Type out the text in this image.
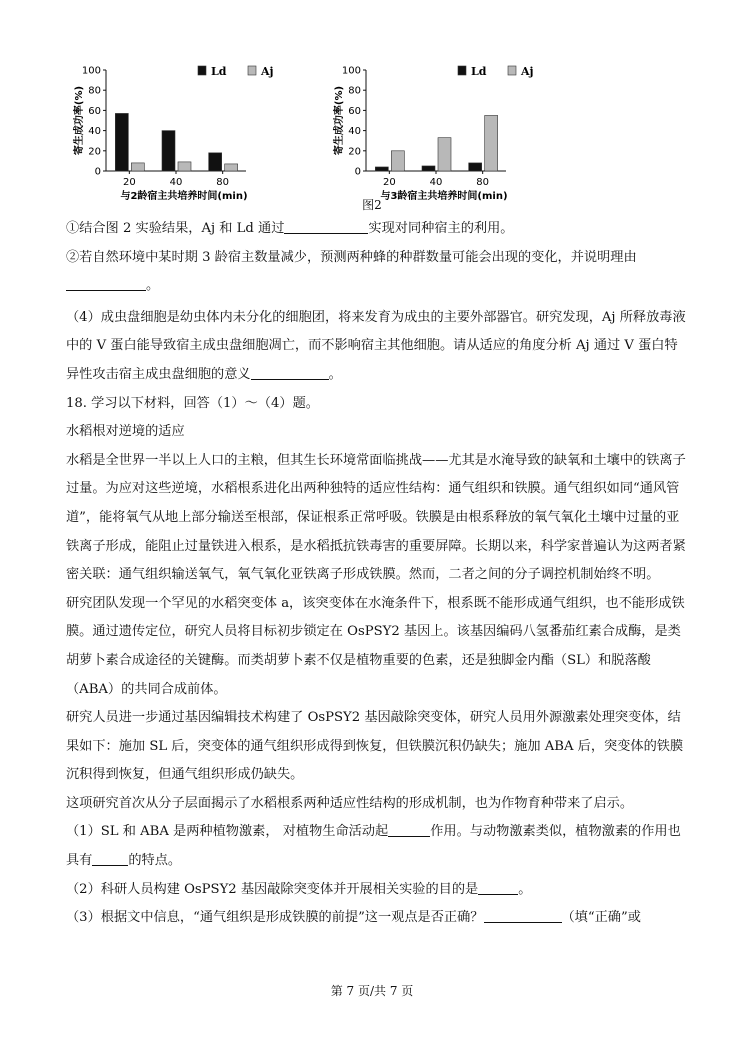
寄生成功率(%)
0
20
40
60
80
100
20	40	80
与2龄宿主共培养时间(min)
Ld	Aj
寄生成功率(%)
0
20
40
60
80
100
20	40	80
与3龄宿主共培养时间(min)
Ld	Aj
图2

①结合图 2 实验结果，Aj 和 Ld 通过	实现对同种宿主的利用。

②若自然环境中某时期 3 龄宿主数量减少，预测两种蜂的种群数量可能会出现的变化，并说明理由
。

（4）成虫盘细胞是幼虫体内未分化的细胞团，将来发育为成虫的主要外部器官。研究发现，Aj 所释放毒液中的 V 蛋白能导致宿主成虫盘细胞凋亡，而不影响宿主其他细胞。请从适应的角度分析 Aj 通过 V 蛋白特异性攻击宿主成虫盘细胞的意义	。

18. 学习以下材料，回答（1）～（4）题。

水稻根对逆境的适应

水稻是全世界一半以上人口的主粮，但其生长环境常面临挑战——尤其是水淹导致的缺氧和土壤中的铁离子过量。为应对这些逆境，水稻根系进化出两种独特的适应性结构：通气组织和铁膜。通气组织如同“通风管道”，能将氧气从地上部分输送至根部，保证根系正常呼吸。铁膜是由根系释放的氧气氧化土壤中过量的亚铁离子形成，能阻止过量铁进入根系，是水稻抵抗铁毒害的重要屏障。长期以来，科学家普遍认为这两者紧密关联：通气组织输送氧气，氧气氧化亚铁离子形成铁膜。然而，二者之间的分子调控机制始终不明。

研究团队发现一个罕见的水稻突变体 a，该突变体在水淹条件下，根系既不能形成通气组织，也不能形成铁膜。通过遗传定位，研究人员将目标初步锁定在 OsPSY2 基因上。该基因编码八氢番茄红素合成酶，是类胡萝卜素合成途径的关键酶。而类胡萝卜素不仅是植物重要的色素，还是独脚金内酯（SL）和脱落酸（ABA）的共同合成前体。

研究人员进一步通过基因编辑技术构建了 OsPSY2 基因敲除突变体，研究人员用外源激素处理突变体，结果如下：施加 SL 后，突变体的通气组织形成得到恢复，但铁膜沉积仍缺失；施加 ABA 后，突变体的铁膜沉积得到恢复，但通气组织形成仍缺失。

这项研究首次从分子层面揭示了水稻根系两种适应性结构的形成机制，也为作物育种带来了启示。

（1）SL 和 ABA 是两种植物激素， 对植物生命活动起	作用。与动物激素类似，植物激素的作用也具有	的特点。

（2）科研人员构建 OsPSY2 基因敲除突变体并开展相关实验的目的是	。

（3）根据文中信息，“通气组织是形成铁膜的前提”这一观点是否正确？	（填“正确”或

第 7 页/共 7 页
